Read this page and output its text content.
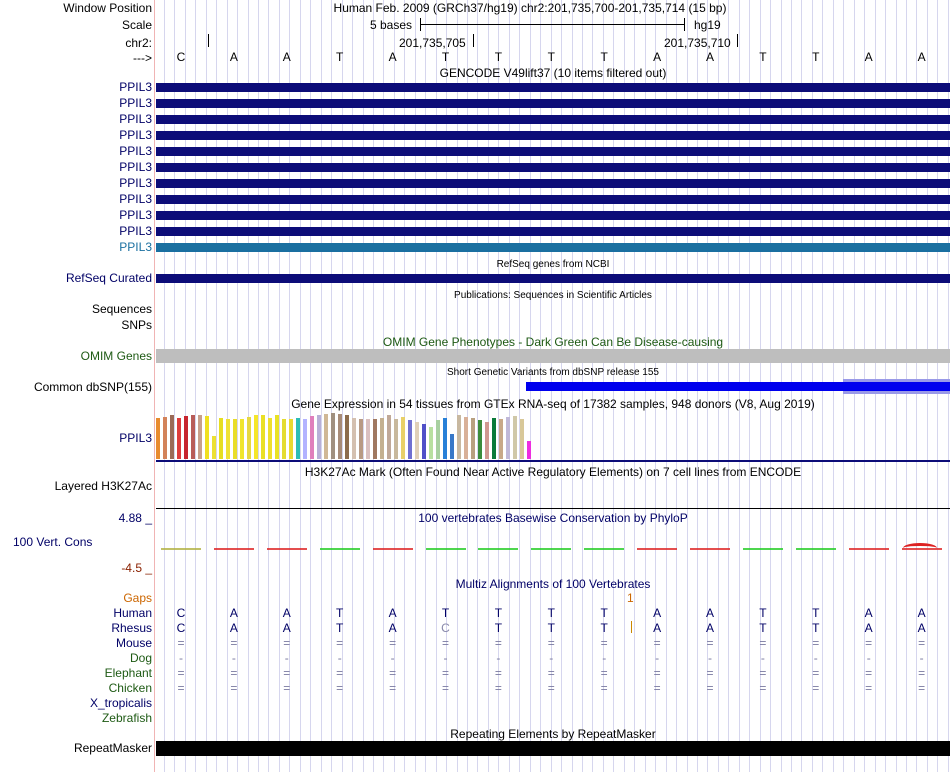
Window Position	Human Feb. 2009 (GRCh37/hg19) chr2:201,735,700-201,735,714 (15 bp)
Scale	5 bases	hg19
chr2:	201,735,705	201,735,710
--->	C	A	A	T	A	T	T	T	T	A	A	T	T	A	A
GENCODE V49lift37 (10 items filtered out)
PPIL3
PPIL3
PPIL3
PPIL3
PPIL3
PPIL3
PPIL3
PPIL3
PPIL3
PPIL3
PPIL3
RefSeq genes from NCBI
RefSeq Curated
Publications: Sequences in Scientific Articles
Sequences
SNPs
OMIM Gene Phenotypes - Dark Green Can Be Disease-causing
OMIM Genes
Short Genetic Variants from dbSNP release 155
Common dbSNP(155)
Gene Expression in 54 tissues from GTEx RNA-seq of 17382 samples, 948 donors (V8, Aug 2019)
PPIL3
H3K27Ac Mark (Often Found Near Active Regulatory Elements) on 7 cell lines from ENCODE
Layered H3K27Ac
100 vertebrates Basewise Conservation by PhyloP
4.88 _
100 Vert. Cons
-4.5 _
Multiz Alignments of 100 Vertebrates
Gaps	1
Human	C	A	A	T	A	T	T	T	T	A	A	T	T	A	A
Rhesus	C	A	A	T	A	C	T	T	T	A	A	T	T	A	A
Mouse	=	=	=	=	=	=	=	=	=	=	=	=	=	=	=
Dog	-	-	-	-	-	-	-	-	-	-	-	-	-	-	-
Elephant	=	=	=	=	=	=	=	=	=	=	=	=	=	=	=
Chicken	=	=	=	=	=	=	=	=	=	=	=	=	=	=	=
X_tropicalis
Zebrafish
Repeating Elements by RepeatMasker
RepeatMasker
